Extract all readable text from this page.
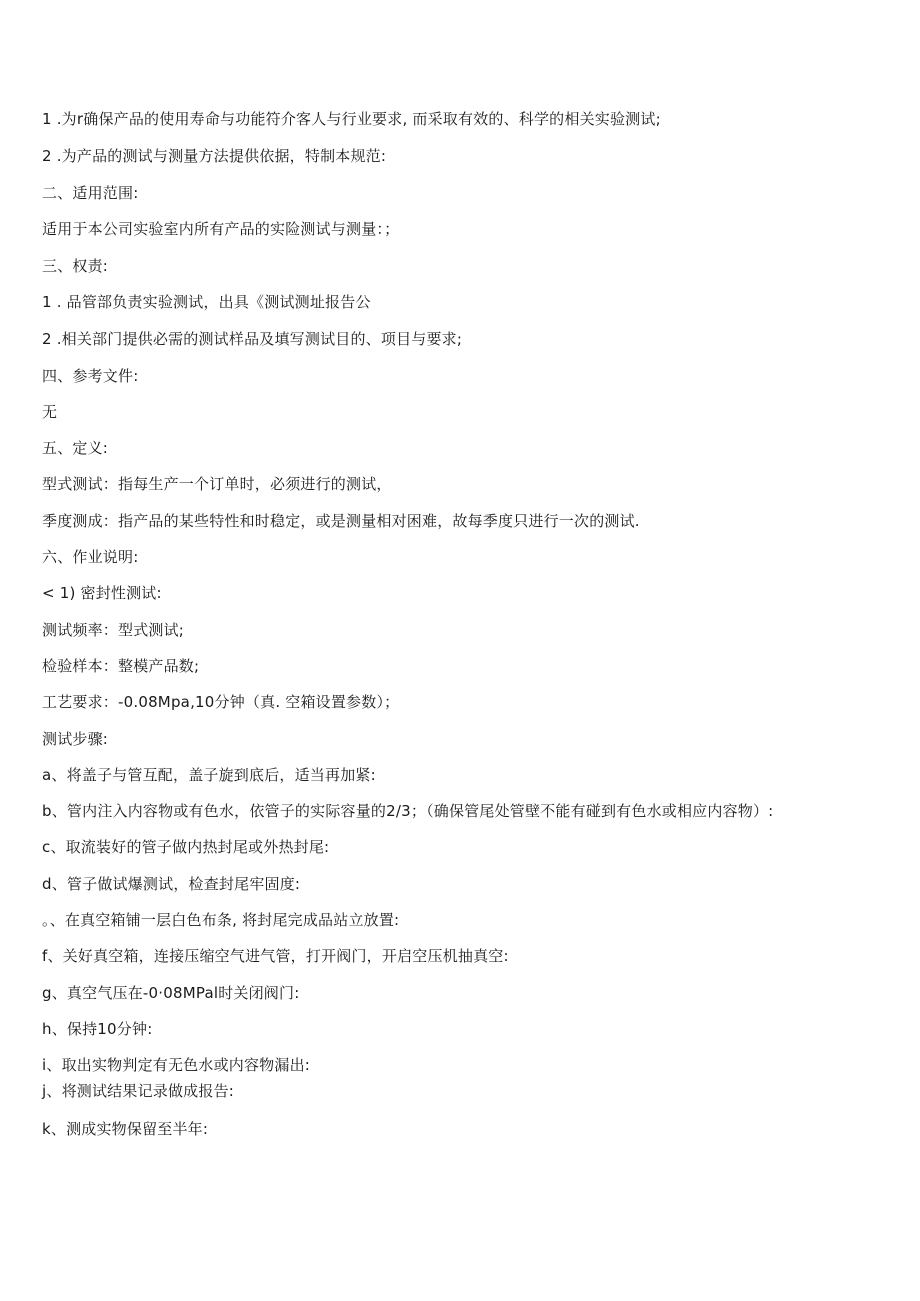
1 .为r确保产品的使用寿命与功能符介客人与行业要求, 而采取有效的、科学的相关实验测试;
2 .为产品的测试与测量方法提供依据，特制本规范:
二、适用范围:
适用于本公司实验室内所有产品的实险测试与测量：；
三、权责:
1 . 品管部负责实验测试，出具《测试测址报告公
2 .相关部门提供必需的测试样品及填写测试目的、项目与要求;
四、参考文件:
无
五、定义:
型式测试：指每生产一个订单时，必须进行的测试，
季度测成：指产品的某些特性和时稳定，或是测量相对困难，故每季度只进行一次的测试.
六、作业说明:
< 1) 密封性测试:
测试频率：型式测试;
检验样本：整模产品数;
工艺要求：-0.08Mpa,10分钟（真. 空箱设置参数）；
测试步骤:
a、将盖子与管互配，盖子旋到底后，适当再加紧:
b、管内注入内容物或有色水，依管子的实际容量的2/3；（确保管尾处管壁不能有碰到有色水或相应内容物）:
c、取流装好的管子做内热封尾或外热封尾:
d、管子做试爆测试，检查封尾牢固度:
。、在真空箱铺一层白色布条, 将封尾完成品站立放置:
f、关好真空箱，连接压缩空气进气管，打开阀门，开启空压机抽真空:
g、真空气压在-0·08MPal时关闭阀门:
h、保持10分钟:
i、取出实物判定有无色水或内容物漏出:
j、将测试结果记录做成报告:
k、测成实物保留至半年:
